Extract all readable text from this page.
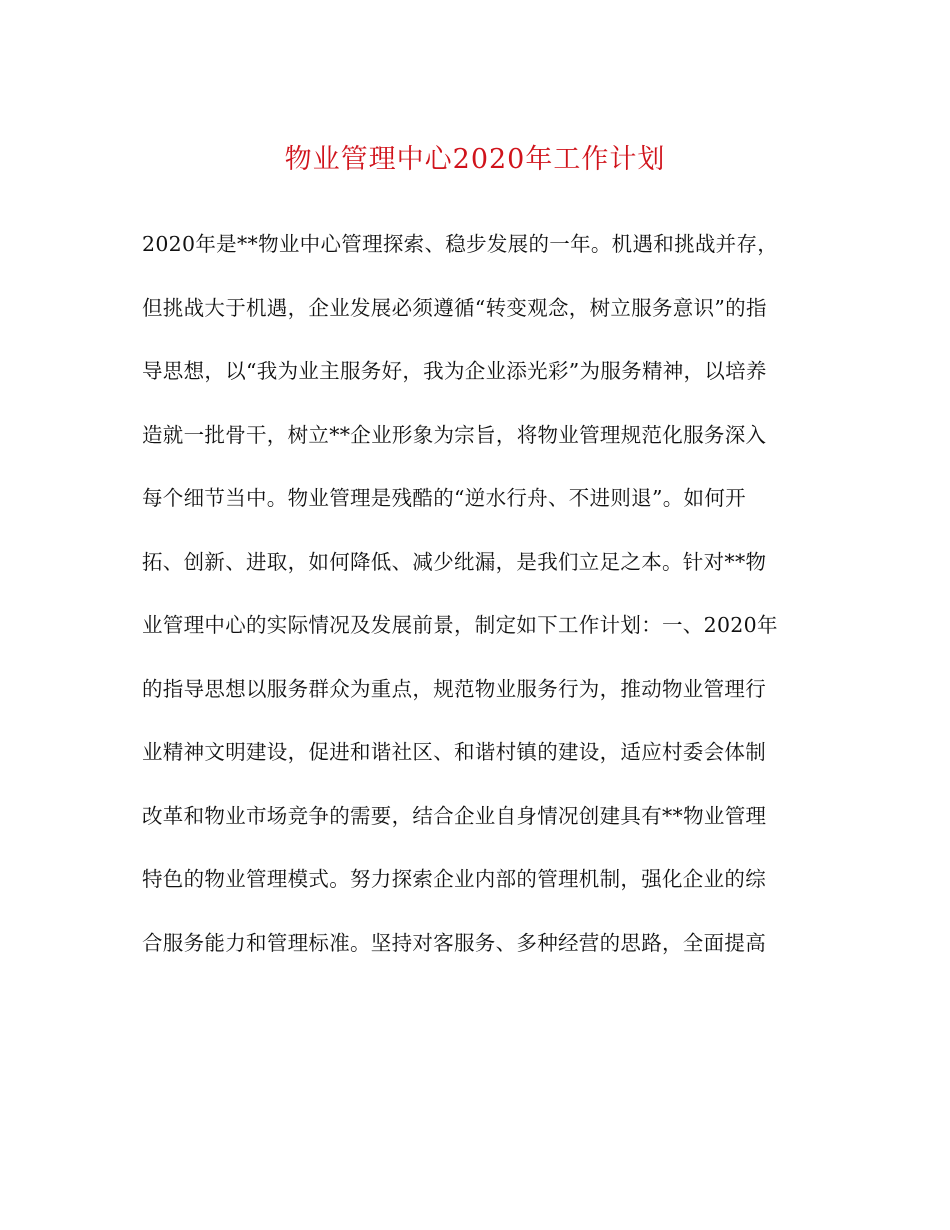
物业管理中心2020年工作计划
2020年是**物业中心管理探索、稳步发展的一年。机遇和挑战并存，
但挑战大于机遇，企业发展必须遵循“转变观念，树立服务意识”的指
导思想，以“我为业主服务好，我为企业添光彩”为服务精神，以培养
造就一批骨干，树立**企业形象为宗旨，将物业管理规范化服务深入
每个细节当中。物业管理是残酷的“逆水行舟、不进则退”。如何开
拓、创新、进取，如何降低、减少纰漏，是我们立足之本。针对**物
业管理中心的实际情况及发展前景，制定如下工作计划：一、2020年
的指导思想以服务群众为重点，规范物业服务行为，推动物业管理行
业精神文明建设，促进和谐社区、和谐村镇的建设，适应村委会体制
改革和物业市场竞争的需要，结合企业自身情况创建具有**物业管理
特色的物业管理模式。努力探索企业内部的管理机制，强化企业的综
合服务能力和管理标准。坚持对客服务、多种经营的思路，全面提高
